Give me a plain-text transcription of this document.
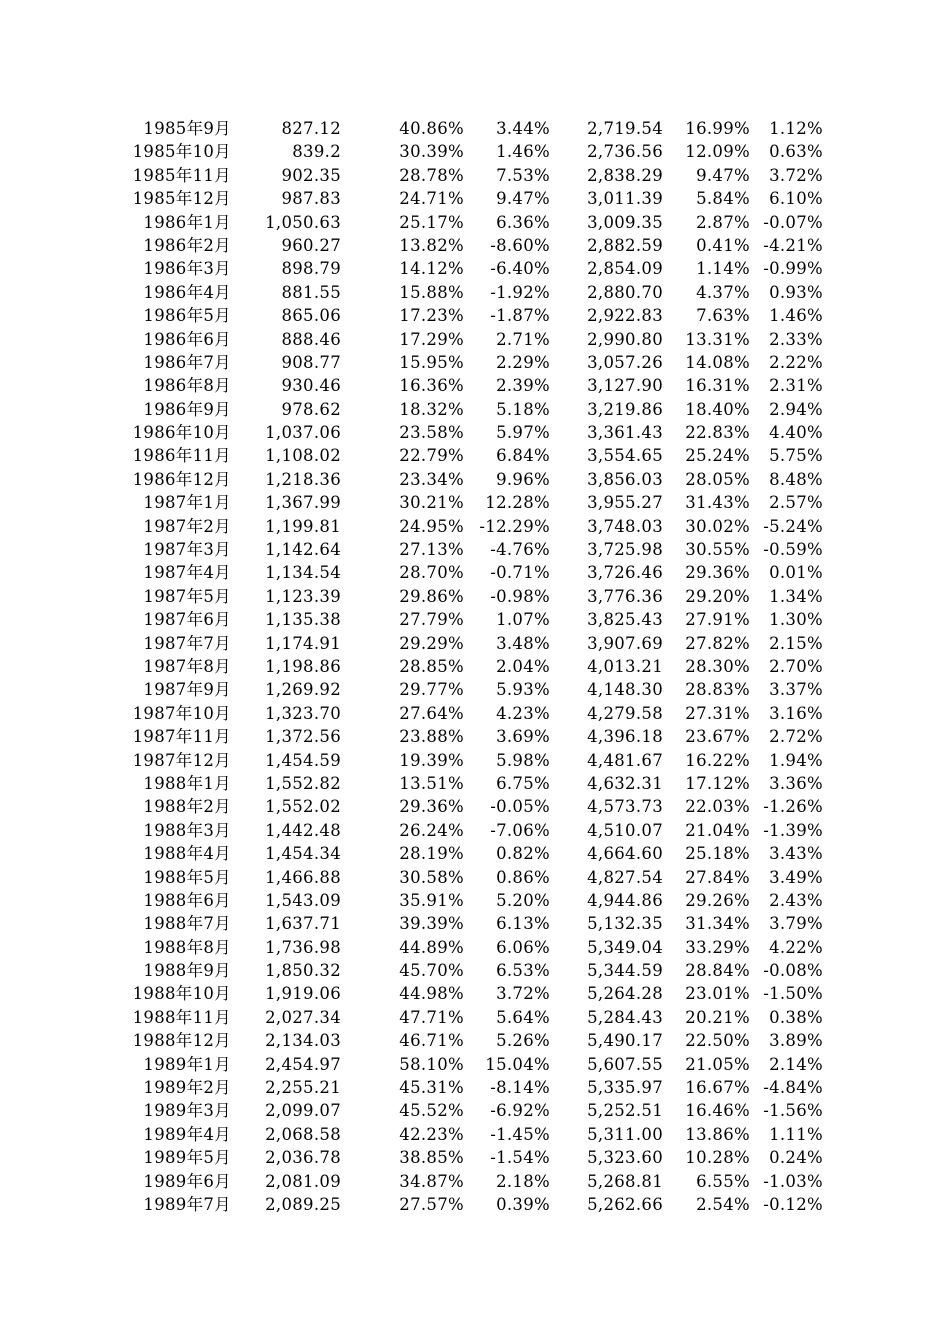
1985年9月	827.12	40.86%	3.44%	2,719.54	16.99%	1.12%
1985年10月	839.2	30.39%	1.46%	2,736.56	12.09%	0.63%
1985年11月	902.35	28.78%	7.53%	2,838.29	9.47%	3.72%
1985年12月	987.83	24.71%	9.47%	3,011.39	5.84%	6.10%
1986年1月	1,050.63	25.17%	6.36%	3,009.35	2.87% -0.07%
1986年2月	960.27	13.82%	-8.60%	2,882.59	0.41% -4.21%
1986年3月	898.79	14.12%	-6.40%	2,854.09	1.14% -0.99%
1986年4月	881.55	15.88%	-1.92%	2,880.70	4.37%	0.93%
1986年5月	865.06	17.23%	-1.87%	2,922.83	7.63%	1.46%
1986年6月	888.46	17.29%	2.71%	2,990.80	13.31%	2.33%
1986年7月	908.77	15.95%	2.29%	3,057.26	14.08%	2.22%
1986年8月	930.46	16.36%	2.39%	3,127.90	16.31%	2.31%
1986年9月	978.62	18.32%	5.18%	3,219.86	18.40%	2.94%
1986年10月	1,037.06	23.58%	5.97%	3,361.43	22.83%	4.40%
1986年11月	1,108.02	22.79%	6.84%	3,554.65	25.24%	5.75%
1986年12月	1,218.36	23.34%	9.96%	3,856.03	28.05%	8.48%
1987年1月	1,367.99	30.21%	12.28%	3,955.27	31.43%	2.57%
1987年2月	1,199.81	24.95% -12.29%	3,748.03	30.02% -5.24%
1987年3月	1,142.64	27.13%	-4.76%	3,725.98	30.55% -0.59%
1987年4月	1,134.54	28.70%	-0.71%	3,726.46	29.36%	0.01%
1987年5月	1,123.39	29.86%	-0.98%	3,776.36	29.20%	1.34%
1987年6月	1,135.38	27.79%	1.07%	3,825.43	27.91%	1.30%
1987年7月	1,174.91	29.29%	3.48%	3,907.69	27.82%	2.15%
1987年8月	1,198.86	28.85%	2.04%	4,013.21	28.30%	2.70%
1987年9月	1,269.92	29.77%	5.93%	4,148.30	28.83%	3.37%
1987年10月	1,323.70	27.64%	4.23%	4,279.58	27.31%	3.16%
1987年11月	1,372.56	23.88%	3.69%	4,396.18	23.67%	2.72%
1987年12月	1,454.59	19.39%	5.98%	4,481.67	16.22%	1.94%
1988年1月	1,552.82	13.51%	6.75%	4,632.31	17.12%	3.36%
1988年2月	1,552.02	29.36%	-0.05%	4,573.73	22.03% -1.26%
1988年3月	1,442.48	26.24%	-7.06%	4,510.07	21.04% -1.39%
1988年4月	1,454.34	28.19%	0.82%	4,664.60	25.18%	3.43%
1988年5月	1,466.88	30.58%	0.86%	4,827.54	27.84%	3.49%
1988年6月	1,543.09	35.91%	5.20%	4,944.86	29.26%	2.43%
1988年7月	1,637.71	39.39%	6.13%	5,132.35	31.34%	3.79%
1988年8月	1,736.98	44.89%	6.06%	5,349.04	33.29%	4.22%
1988年9月	1,850.32	45.70%	6.53%	5,344.59	28.84% -0.08%
1988年10月	1,919.06	44.98%	3.72%	5,264.28	23.01% -1.50%
1988年11月	2,027.34	47.71%	5.64%	5,284.43	20.21%	0.38%
1988年12月	2,134.03	46.71%	5.26%	5,490.17	22.50%	3.89%
1989年1月	2,454.97	58.10%	15.04%	5,607.55	21.05%	2.14%
1989年2月	2,255.21	45.31%	-8.14%	5,335.97	16.67% -4.84%
1989年3月	2,099.07	45.52%	-6.92%	5,252.51	16.46% -1.56%
1989年4月	2,068.58	42.23%	-1.45%	5,311.00	13.86%	1.11%
1989年5月	2,036.78	38.85%	-1.54%	5,323.60	10.28%	0.24%
1989年6月	2,081.09	34.87%	2.18%	5,268.81	6.55% -1.03%
1989年7月	2,089.25	27.57%	0.39%	5,262.66	2.54% -0.12%
